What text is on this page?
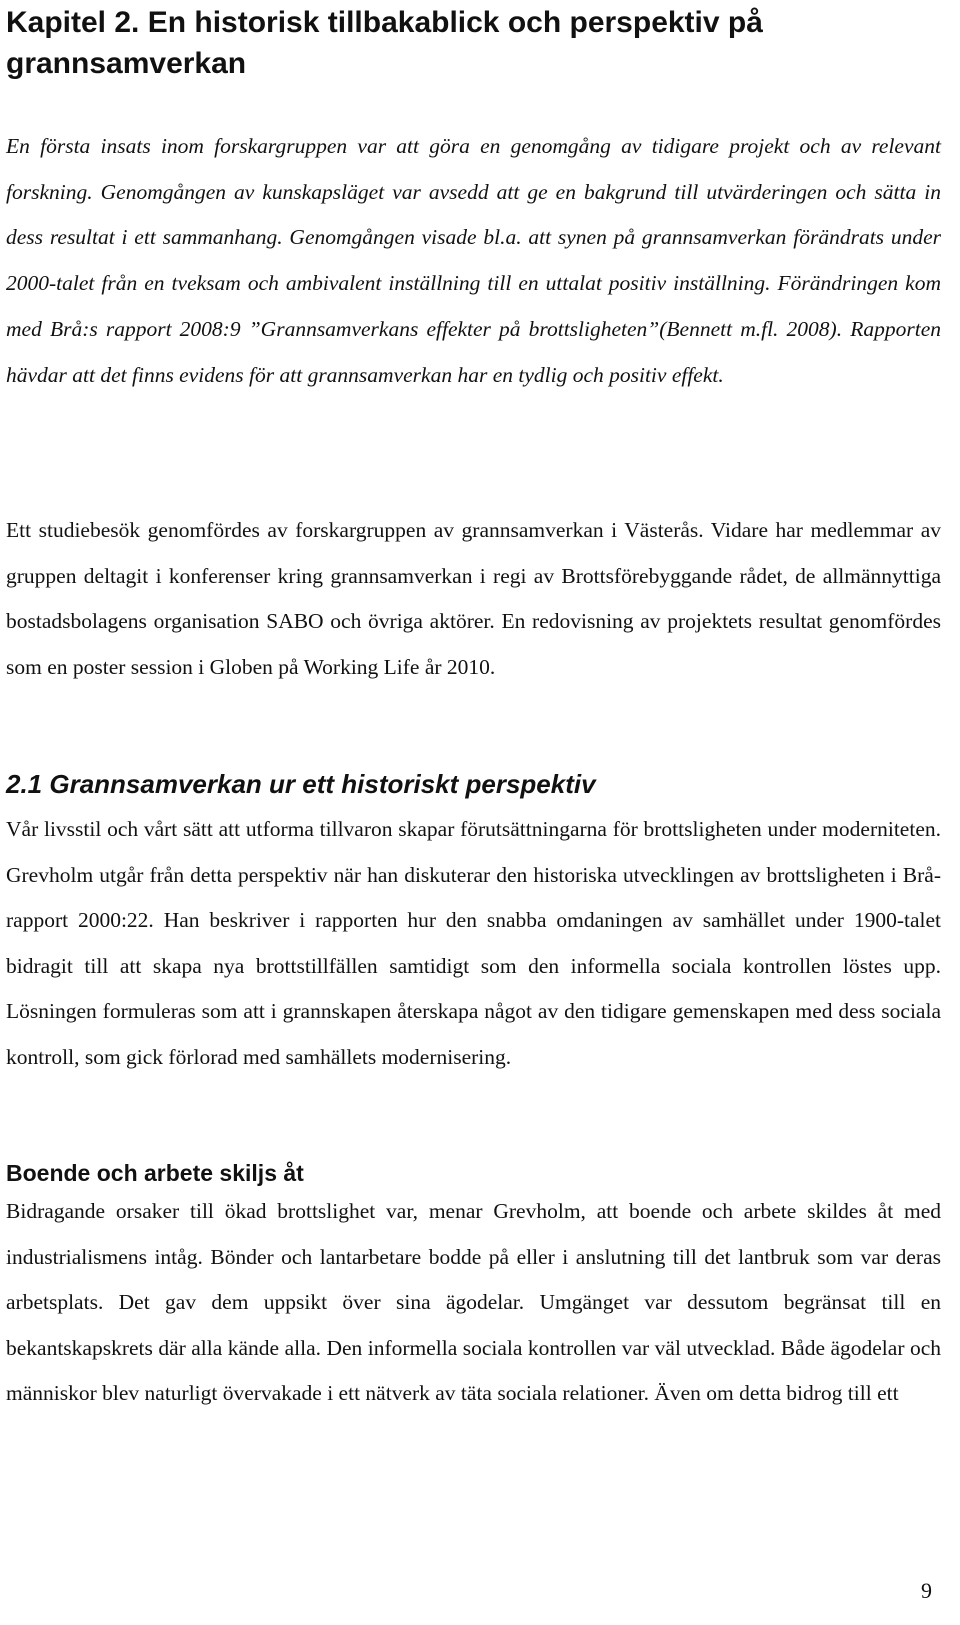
Kapitel 2. En historisk tillbakablick och perspektiv på grannsamverkan

En första insats inom forskargruppen var att göra en genomgång av tidigare projekt och av relevant forskning. Genomgången av kunskapsläget var avsedd att ge en bakgrund till utvärderingen och sätta in dess resultat i ett sammanhang. Genomgången visade bl.a. att synen på grannsamverkan förändrats under 2000-talet från en tveksam och ambivalent inställning till en uttalat positiv inställning. Förändringen kom med Brå:s rapport 2008:9 ”Grannsamverkans effekter på brottsligheten”(Bennett m.fl. 2008). Rapporten hävdar att det finns evidens för att grannsamverkan har en tydlig och positiv effekt.

Ett studiebesök genomfördes av forskargruppen av grannsamverkan i Västerås. Vidare har medlemmar av gruppen deltagit i konferenser kring grannsamverkan i regi av Brottsförebyggande rådet, de allmännyttiga bostadsbolagens organisation SABO och övriga aktörer. En redovisning av projektets resultat genomfördes som en poster session i Globen på Working Life år 2010.

2.1 Grannsamverkan ur ett historiskt perspektiv

Vår livsstil och vårt sätt att utforma tillvaron skapar förutsättningarna för brottsligheten under moderniteten. Grevholm utgår från detta perspektiv när han diskuterar den historiska utvecklingen av brottsligheten i Brå-rapport 2000:22. Han beskriver i rapporten hur den snabba omdaningen av samhället under 1900-talet bidragit till att skapa nya brottstillfällen samtidigt som den informella sociala kontrollen löstes upp. Lösningen formuleras som att i grannskapen återskapa något av den tidigare gemenskapen med dess sociala kontroll, som gick förlorad med samhällets modernisering.

Boende och arbete skiljs åt

Bidragande orsaker till ökad brottslighet var, menar Grevholm, att boende och arbete skildes åt med industrialismens intåg. Bönder och lantarbetare bodde på eller i anslutning till det lantbruk som var deras arbetsplats. Det gav dem uppsikt över sina ägodelar. Umgänget var dessutom begränsat till en bekantskapskrets där alla kände alla. Den informella sociala kontrollen var väl utvecklad. Både ägodelar och människor blev naturligt övervakade i ett nätverk av täta sociala relationer. Även om detta bidrog till ett

9
